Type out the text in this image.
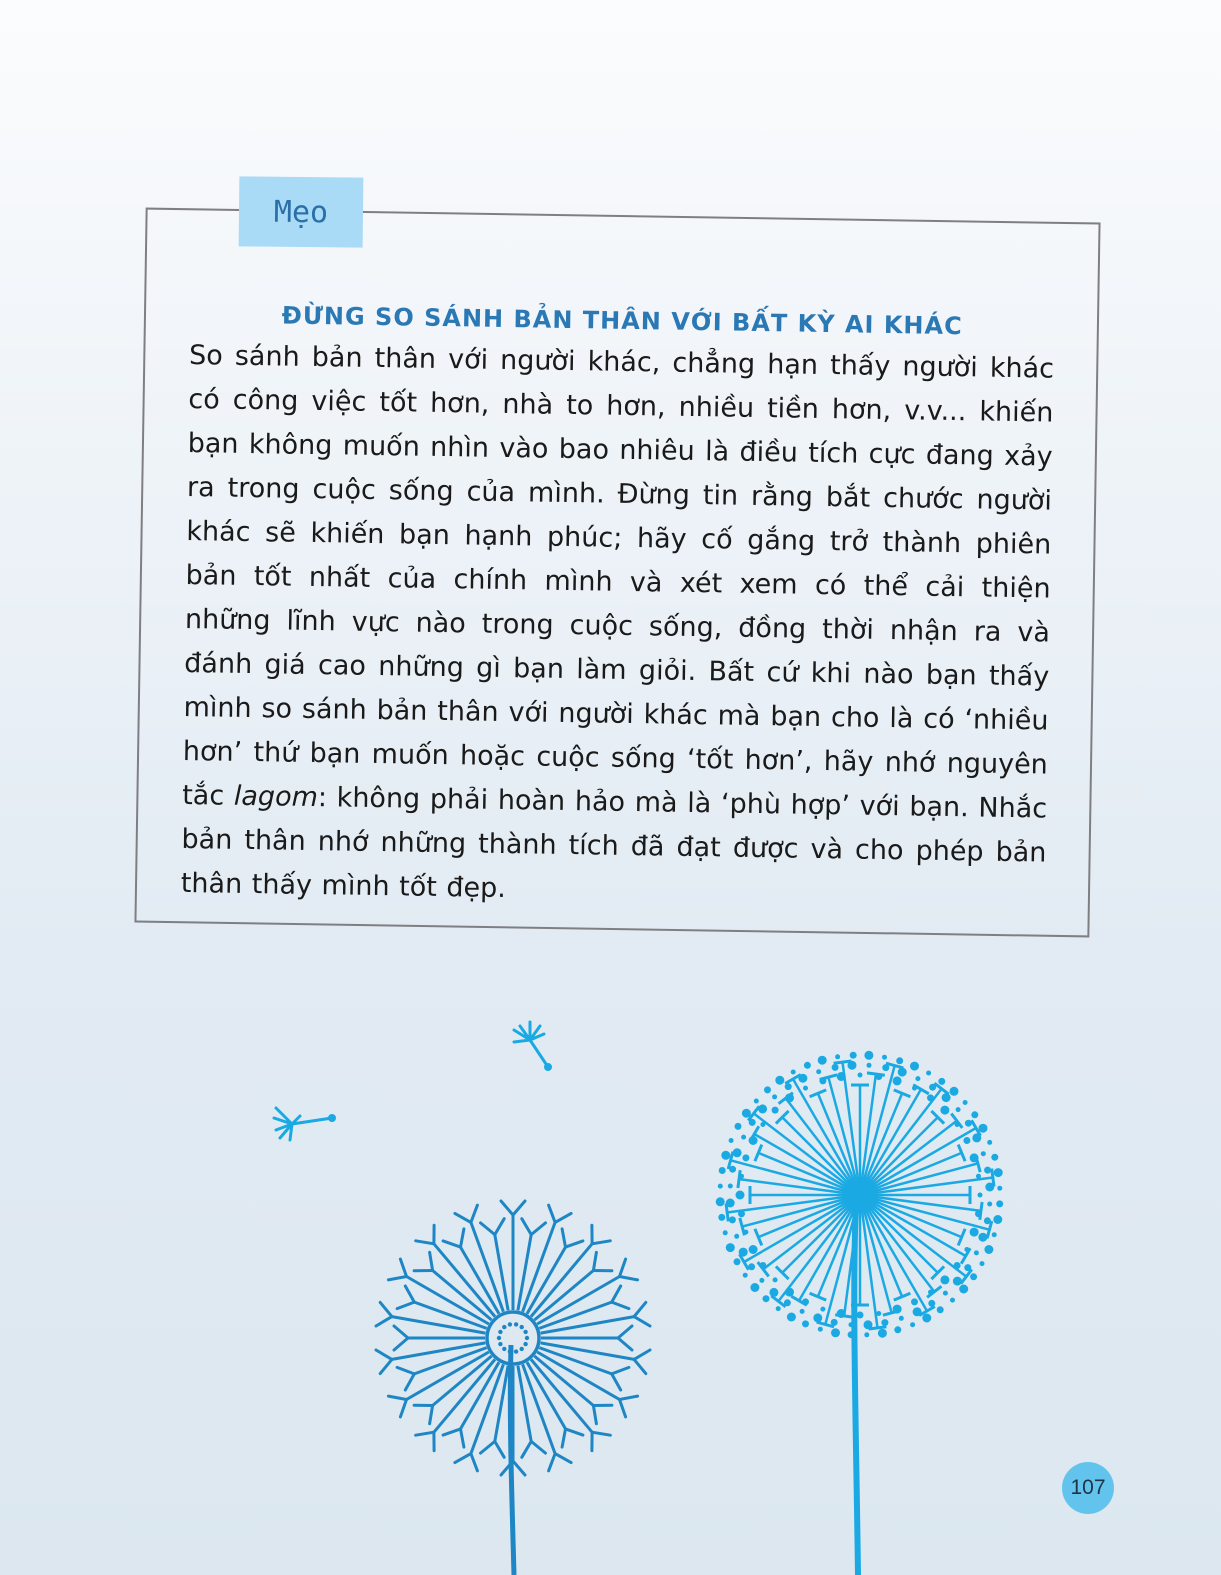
Mẹo
ĐỪNG SO SÁNH BẢN THÂN VỚI BẤT KỲ AI KHÁC

So sánh bản thân với người khác, chẳng hạn thấy người khác có công việc tốt hơn, nhà to hơn, nhiều tiền hơn, v.v... khiến bạn không muốn nhìn vào bao nhiêu là điều tích cực đang xảy ra trong cuộc sống của mình. Đừng tin rằng bắt chước người khác sẽ khiến bạn hạnh phúc; hãy cố gắng trở thành phiên bản tốt nhất của chính mình và xét xem có thể cải thiện những lĩnh vực nào trong cuộc sống, đồng thời nhận ra và đánh giá cao những gì bạn làm giỏi. Bất cứ khi nào bạn thấy mình so sánh bản thân với người khác mà bạn cho là có ‘nhiều hơn’ thứ bạn muốn hoặc cuộc sống ‘tốt hơn’, hãy nhớ nguyên tắc lagom: không phải hoàn hảo mà là ‘phù hợp’ với bạn. Nhắc bản thân nhớ những thành tích đã đạt được và cho phép bản thân thấy mình tốt đẹp.

107
